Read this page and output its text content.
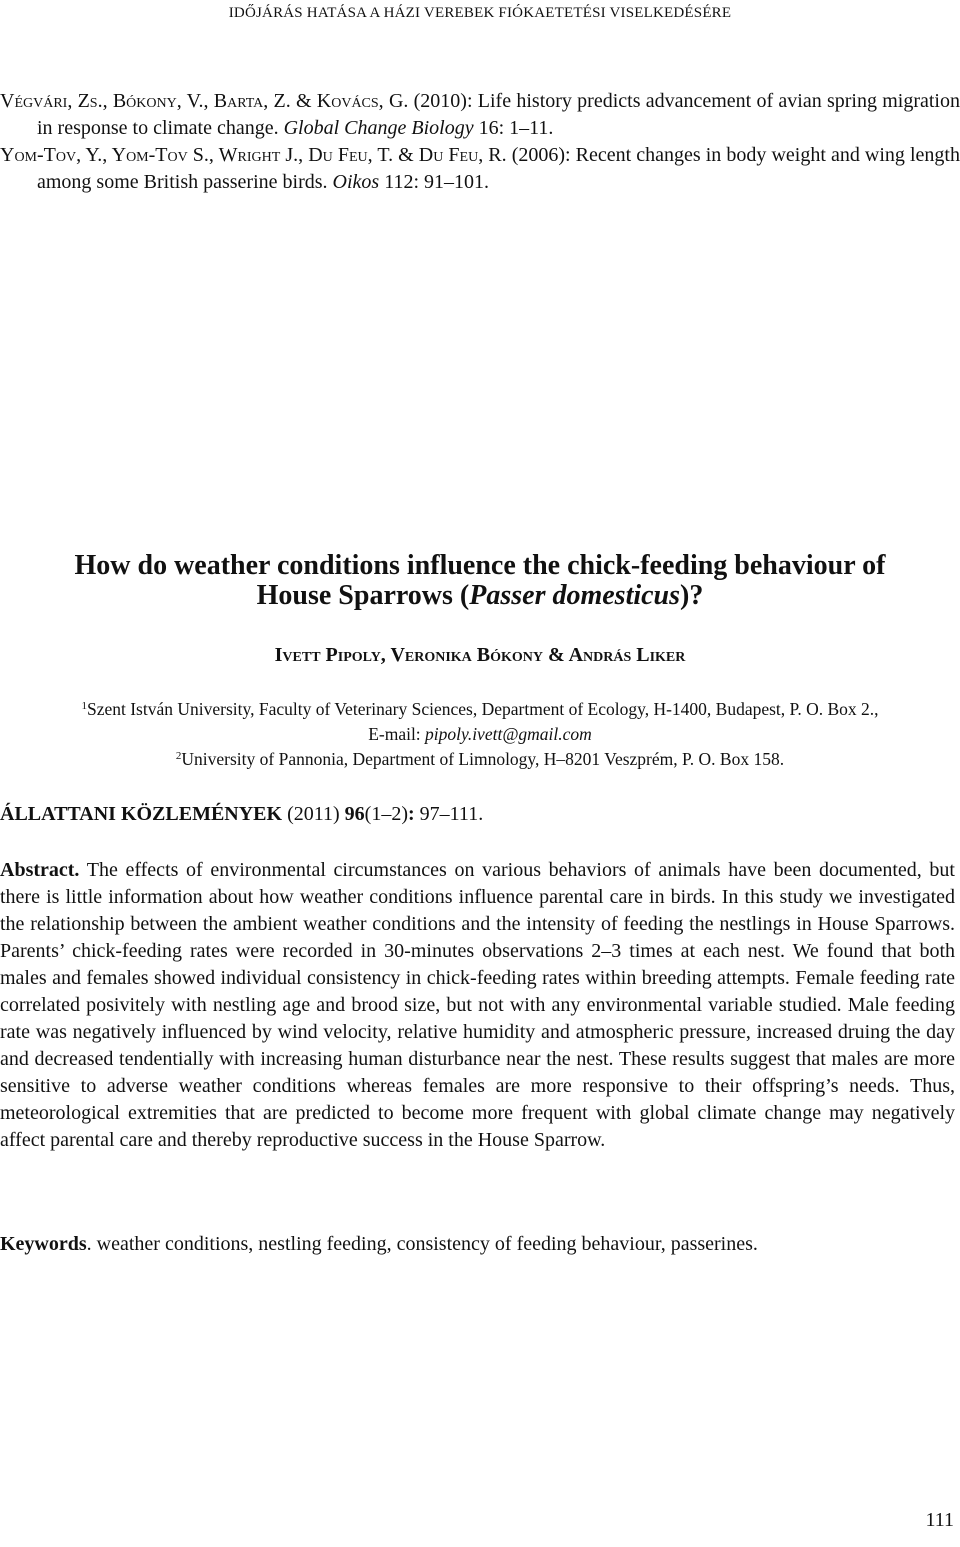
IDŐJÁRÁS HATÁSA A HÁZI VEREBEK FIÓKAETETÉSI VISELKEDÉSÉRE
Végvári, Zs., Bókony, V., Barta, Z. & Kovács, G. (2010): Life history predicts advancement of avian spring migration in response to climate change. Global Change Biology 16: 1–11.
Yom-Tov, Y., Yom-Tov S., Wright J., Du Feu, T. & Du Feu, R. (2006): Recent changes in body weight and wing length among some British passerine birds. Oikos 112: 91–101.
How do weather conditions influence the chick-feeding behaviour of
House Sparrows (Passer domesticus)?
Ivett Pipoly, Veronika Bókony & András Liker
$^1$Szent István University, Faculty of Veterinary Sciences, Department of Ecology, H-1400, Budapest, P. O. Box 2.,
E-mail: pipoly.ivett@gmail.com
$^2$University of Pannonia, Department of Limnology, H–8201 Veszprém, P. O. Box 158.
ÁLLATTANI KÖZLEMÉNYEK (2011) 96(1–2): 97–111.
Abstract. The effects of environmental circumstances on various behaviors of animals have been documented, but there is little information about how weather conditions influence parental care in birds. In this study we investigated the relationship between the ambient weather conditions and the intensity of feeding the nestlings in House Sparrows. Parents’ chick-feeding rates were recorded in 30-minutes observations 2–3 times at each nest. We found that both males and females showed individual consistency in chick-feeding rates within breeding attempts. Female feeding rate correlated posivitely with nestling age and brood size, but not with any environmental variable studied. Male feeding rate was negatively influenced by wind velocity, relative humidity and atmospheric pressure, increased druing the day and decreased tendentially with increasing human disturbance near the nest. These results suggest that males are more sensitive to adverse weather conditions whereas females are more responsive to their offspring’s needs. Thus, meteorological extremities that are predicted to become more frequent with global climate change may negatively affect parental care and thereby reproductive success in the House Sparrow.
Keywords. weather conditions, nestling feeding, consistency of feeding behaviour, passerines.
111
